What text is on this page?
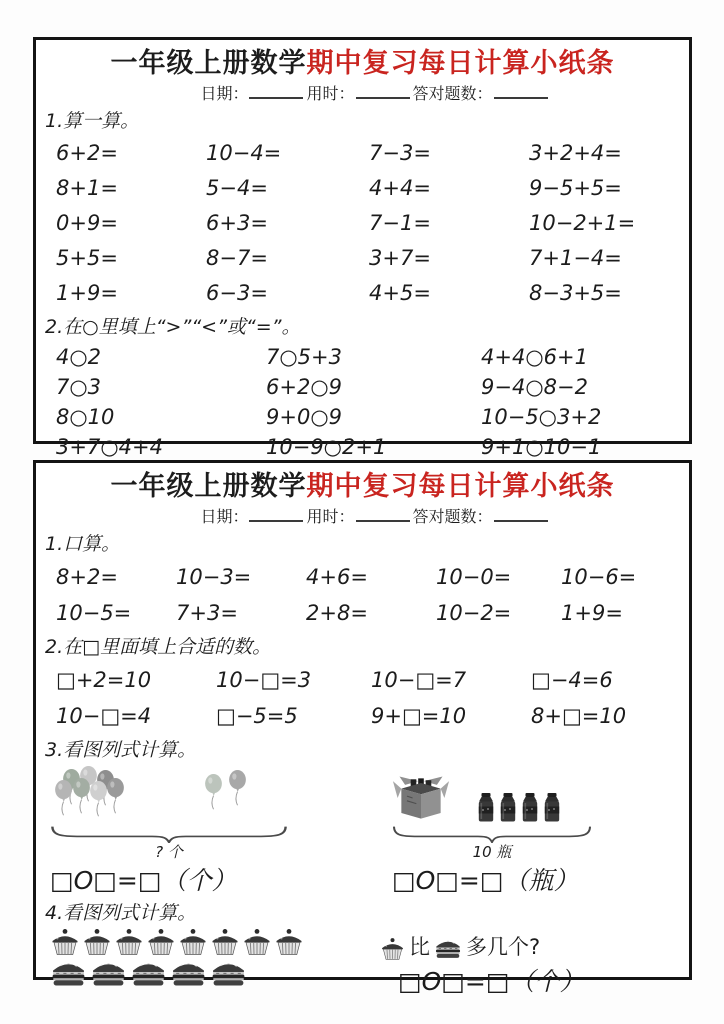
一年级上册数学期中复习每日计算小纸条
日期：	用时：	答对题数：
1.算一算。
6+2=	10−4=	7−3=	3+2+4=
8+1=	5−4=	4+4=	9−5+5=
0+9=	6+3=	7−1=	10−2+1=
5+5=	8−7=	3+7=	7+1−4=
1+9=	6−3=	4+5=	8−3+5=
2.在○里填上“>”“<”或“=”。
4○2	7○5+3	4+4○6+1
7○3	6+2○9	9−4○8−2
8○10	9+0○9	10−5○3+2
3+7○4+4	10−9○2+1	9+1○10−1
一年级上册数学期中复习每日计算小纸条
日期：	用时：	答对题数：
1.口算。
8+2=	10−3=	4+6=	10−0=	10−6=
10−5=	7+3=	2+8=	10−2=	1+9=
2.在□里面填上合适的数。
□+2=10	10−□=3	10−□=7	□−4=6
10−□=4	□−5=5	9+□=10	8+□=10
3.看图列式计算。
? 个
□O□=□（个）
10 瓶
□O□=□（瓶）
4.看图列式计算。
比 多几个?
□O□=□（个）
